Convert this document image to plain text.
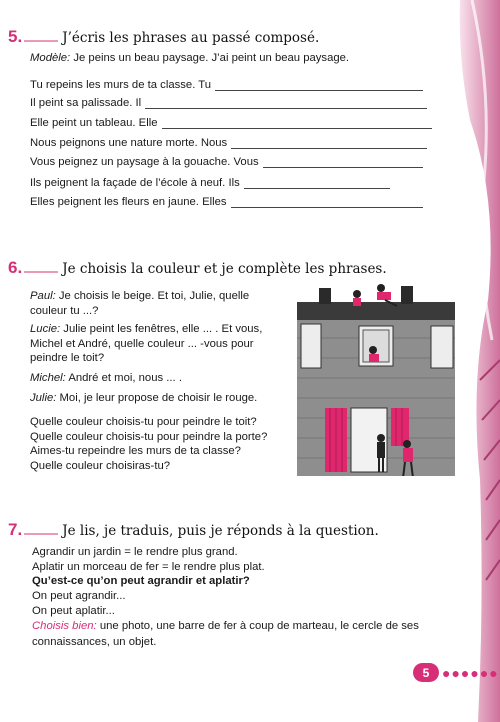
5.	J’écris les phrases au passé composé.
Modèle: Je peins un beau paysage. J’ai peint un beau paysage.
Tu repeins les murs de ta classe. Tu
Il peint sa palissade. Il
Elle peint un tableau. Elle
Nous peignons une nature morte. Nous
Vous peignez un paysage à la gouache. Vous
Ils peignent la façade de l’école à neuf. Ils
Elles peignent les fleurs en jaune. Elles
6.	Je choisis la couleur et je complète les phrases.
Paul: Je choisis le beige. Et toi, Julie, quelle couleur tu ...?
Lucie: Julie peint les fenêtres, elle ... . Et vous, Michel et André, quelle couleur ... -vous pour peindre le toit?
Michel: André et moi, nous ... .
Julie: Moi, je leur propose de choisir le rouge.
Quelle couleur choisis-tu pour peindre le toit?
Quelle couleur choisis-tu pour peindre la porte?
Aimes-tu repeindre les murs de ta classe?
Quelle couleur choisiras-tu?
7.	Je lis, je traduis, puis je réponds à la question.
Agrandir un jardin = le rendre plus grand.
Aplatir un morceau de fer = le rendre plus plat.
Qu’est-ce qu’on peut agrandir et aplatir?
On peut agrandir...
On peut aplatir...
Choisis bien: une photo, une barre de fer à coup de marteau, le cercle de ses connaissances, un objet.
5 ●●●●●●
